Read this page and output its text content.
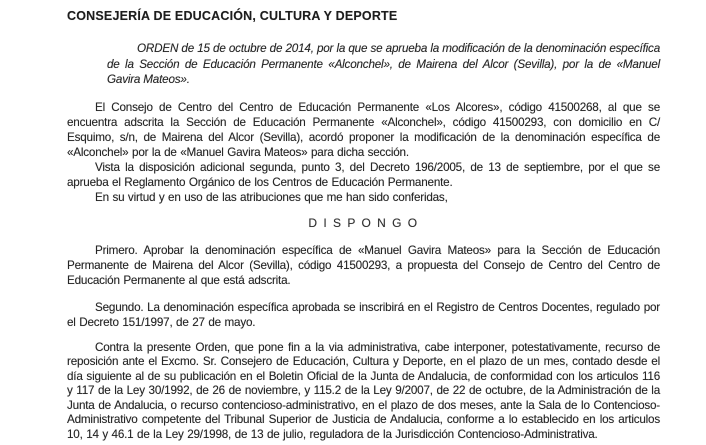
CONSEJERÍA DE EDUCACIÓN, CULTURA Y DEPORTE

ORDEN de 15 de octubre de 2014, por la que se aprueba la modificación de la denominación específica de la Sección de Educación Permanente «Alconchel», de Mairena del Alcor (Sevilla), por la de «Manuel Gavira Mateos».

El Consejo de Centro del Centro de Educación Permanente «Los Alcores», código 41500268, al que se encuentra adscrita la Sección de Educación Permanente «Alconchel», código 41500293, con domicilio en C/ Esquimo, s/n, de Mairena del Alcor (Sevilla), acordó proponer la modificación de la denominación específica de «Alconchel» por la de «Manuel Gavira Mateos» para dicha sección.

Vista la disposición adicional segunda, punto 3, del Decreto 196/2005, de 13 de septiembre, por el que se aprueba el Reglamento Orgánico de los Centros de Educación Permanente.

En su virtud y en uso de las atribuciones que me han sido conferidas,

D I S P O N G O

Primero. Aprobar la denominación específica de «Manuel Gavira Mateos» para la Sección de Educación Permanente de Mairena del Alcor (Sevilla), código 41500293, a propuesta del Consejo de Centro del Centro de Educación Permanente al que está adscrita.

Segundo. La denominación específica aprobada se inscribirá en el Registro de Centros Docentes, regulado por el Decreto 151/1997, de 27 de mayo.

Contra la presente Orden, que pone fin a la via administrativa, cabe interponer, potestativamente, recurso de reposición ante el Excmo. Sr. Consejero de Educación, Cultura y Deporte, en el plazo de un mes, contado desde el día siguiente al de su publicación en el Boletin Oficial de la Junta de Andalucia, de conformidad con los articulos 116 y 117 de la Ley 30/1992, de 26 de noviembre, y 115.2 de la Ley 9/2007, de 22 de octubre, de la Administración de la Junta de Andalucia, o recurso contencioso-administrativo, en el plazo de dos meses, ante la Sala de lo Contencioso-Administrativo competente del Tribunal Superior de Justicia de Andalucia, conforme a lo establecido en los articulos 10, 14 y 46.1 de la Ley 29/1998, de 13 de julio, reguladora de la Jurisdicción Contencioso-Administrativa.
